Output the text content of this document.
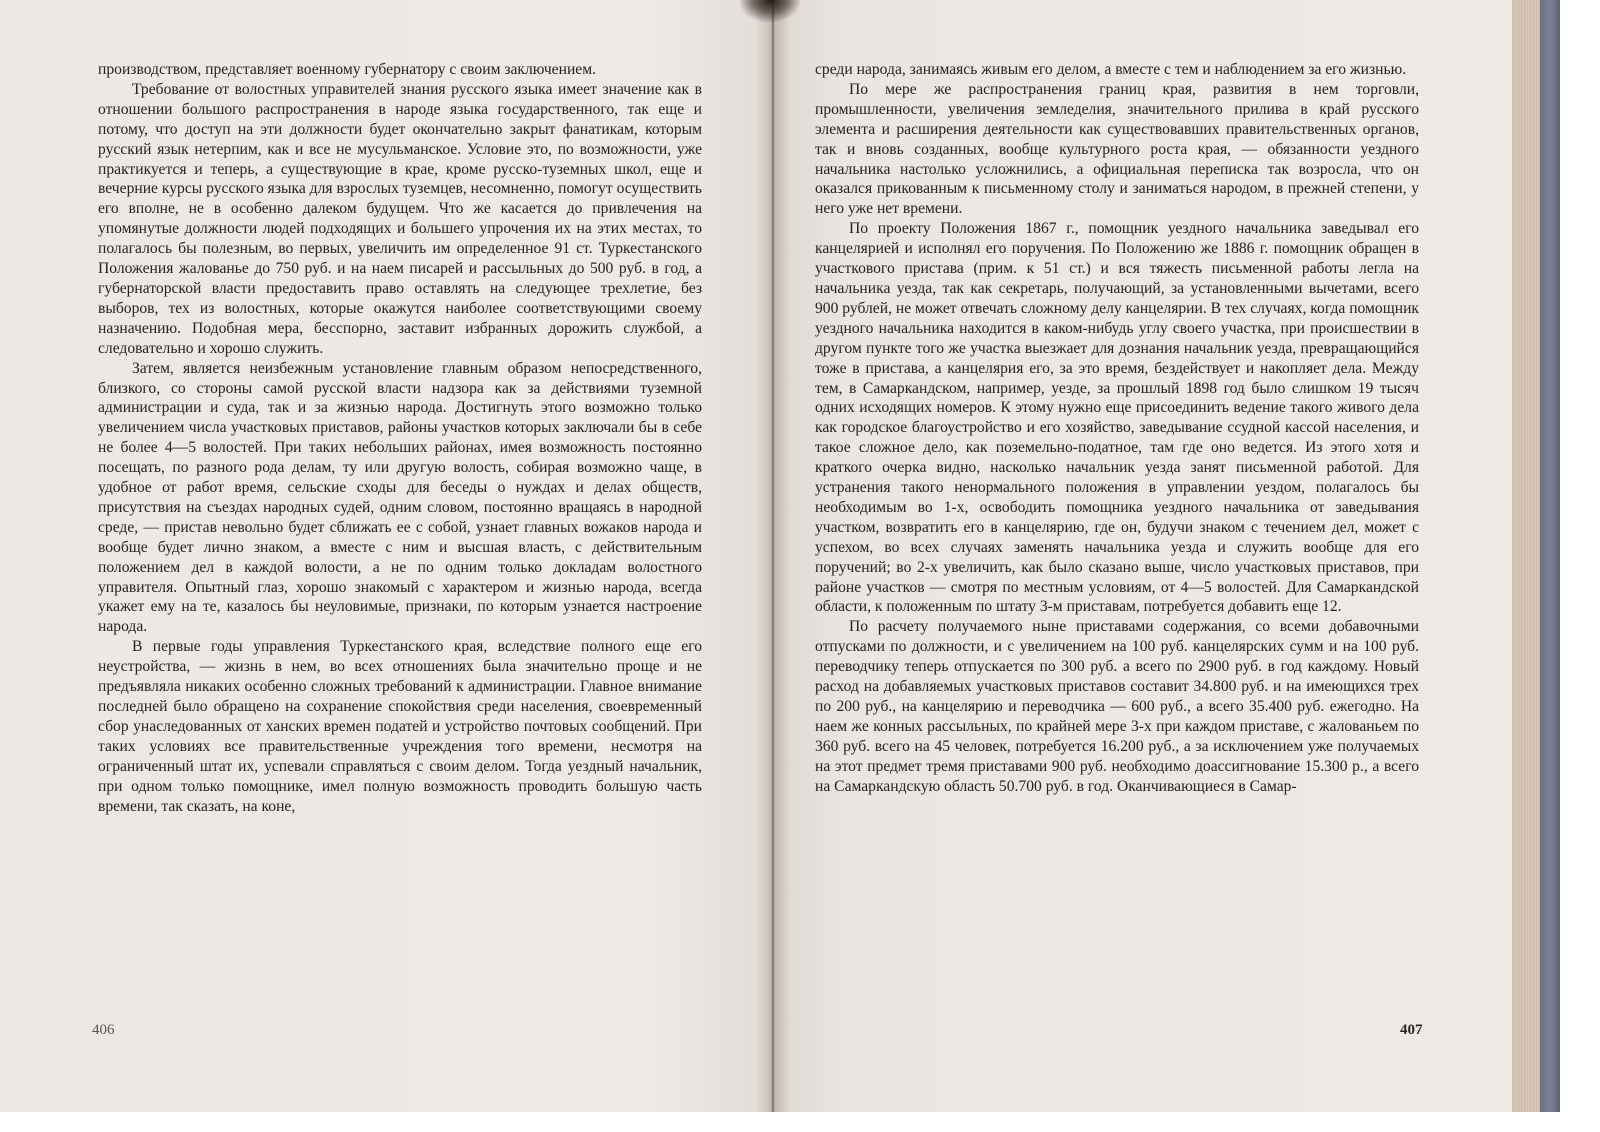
производством, представляет военному губернатору с своим заключением.

Требование от волостных управителей знания русского языка имеет значение как в отношении большого распространения в народе языка государственного, так еще и потому, что доступ на эти должности будет окончательно закрыт фанатикам, которым русский язык нетерпим, как и все не мусульманское. Условие это, по возможности, уже практикуется и теперь, а существующие в крае, кроме русско-туземных школ, еще и вечерние курсы русского языка для взрослых туземцев, несомненно, помогут осуществить его вполне, не в особенно далеком будущем. Что же касается до привлечения на упомянутые должности людей подходящих и большего упрочения их на этих местах, то полагалось бы полезным, во первых, увеличить им определенное 91 ст. Туркестанского Положения жалованье до 750 руб. и на наем писарей и рассыльных до 500 руб. в год, а губернаторской власти предоставить право оставлять на следующее трехлетие, без выборов, тех из волостных, которые окажутся наиболее соответствующими своему назначению. Подобная мера, бесспорно, заставит избранных дорожить службой, а следовательно и хорошо служить.

Затем, является неизбежным установление главным образом непосредственного, близкого, со стороны самой русской власти надзора как за действиями туземной администрации и суда, так и за жизнью народа. Достигнуть этого возможно только увеличением числа участковых приставов, районы участков которых заключали бы в себе не более 4—5 волостей. При таких небольших районах, имея возможность постоянно посещать, по разного рода делам, ту или другую волость, собирая возможно чаще, в удобное от работ время, сельские сходы для беседы о нуждах и делах обществ, присутствия на съездах народных судей, одним словом, постоянно вращаясь в народной среде, — пристав невольно будет сближать ее с собой, узнает главных вожаков народа и вообще будет лично знаком, а вместе с ним и высшая власть, с действительным положением дел в каждой волости, а не по одним только докладам волостного управителя. Опытный глаз, хорошо знакомый с характером и жизнью народа, всегда укажет ему на те, казалось бы неуловимые, признаки, по которым узнается настроение народа.

В первые годы управления Туркестанского края, вследствие полного еще его неустройства, — жизнь в нем, во всех отношениях была значительно проще и не предъявляла никаких особенно сложных требований к администрации. Главное внимание последней было обращено на сохранение спокойствия среди населения, своевременный сбор унаследованных от ханских времен податей и устройство почтовых сообщений. При таких условиях все правительственные учреждения того времени, несмотря на ограниченный штат их, успевали справляться с своим делом. Тогда уездный начальник, при одном только помощнике, имел полную возможность проводить большую часть времени, так сказать, на коне,

406

среди народа, занимаясь живым его делом, а вместе с тем и наблюдением за его жизнью.

По мере же распространения границ края, развития в нем торговли, промышленности, увеличения земледелия, значительного прилива в край русского элемента и расширения деятельности как существовавших правительственных органов, так и вновь созданных, вообще культурного роста края, — обязанности уездного начальника настолько усложнились, а официальная переписка так возросла, что он оказался прикованным к письменному столу и заниматься народом, в прежней степени, у него уже нет времени.

По проекту Положения 1867 г., помощник уездного начальника заведывал его канцелярией и исполнял его поручения. По Положению же 1886 г. помощник обращен в участкового пристава (прим. к 51 ст.) и вся тяжесть письменной работы легла на начальника уезда, так как секретарь, получающий, за установленными вычетами, всего 900 рублей, не может отвечать сложному делу канцелярии. В тех случаях, когда помощник уездного начальника находится в каком-нибудь углу своего участка, при происшествии в другом пункте того же участка выезжает для дознания начальник уезда, превращающийся тоже в пристава, а канцелярия его, за это время, бездействует и накопляет дела. Между тем, в Самаркандском, например, уезде, за прошлый 1898 год было слишком 19 тысяч одних исходящих номеров. К этому нужно еще присоединить ведение такого живого дела как городское благоустройство и его хозяйство, заведывание ссудной кассой населения, и такое сложное дело, как поземельно-податное, там где оно ведется. Из этого хотя и краткого очерка видно, насколько начальник уезда занят письменной работой. Для устранения такого ненормального положения в управлении уездом, полагалось бы необходимым во 1-х, освободить помощника уездного начальника от заведывания участком, возвратить его в канцелярию, где он, будучи знаком с течением дел, может с успехом, во всех случаях заменять начальника уезда и служить вообще для его поручений; во 2-х увеличить, как было сказано выше, число участковых приставов, при районе участков — смотря по местным условиям, от 4—5 волостей. Для Самаркандской области, к положенным по штату 3-м приставам, потребуется добавить еще 12.

По расчету получаемого ныне приставами содержания, со всеми добавочными отпусками по должности, и с увеличением на 100 руб. канцелярских сумм и на 100 руб. переводчику теперь отпускается по 300 руб. а всего по 2900 руб. в год каждому. Новый расход на добавляемых участковых приставов составит 34.800 руб. и на имеющихся трех по 200 руб., на канцелярию и переводчика — 600 руб., а всего 35.400 руб. ежегодно. На наем же конных рассыльных, по крайней мере 3-х при каждом приставе, с жалованьем по 360 руб. всего на 45 человек, потребуется 16.200 руб., а за исключением уже получаемых на этот предмет тремя приставами 900 руб. необходимо доассигнование 15.300 р., а всего на Самаркандскую область 50.700 руб. в год. Оканчивающиеся в Самар-

407
